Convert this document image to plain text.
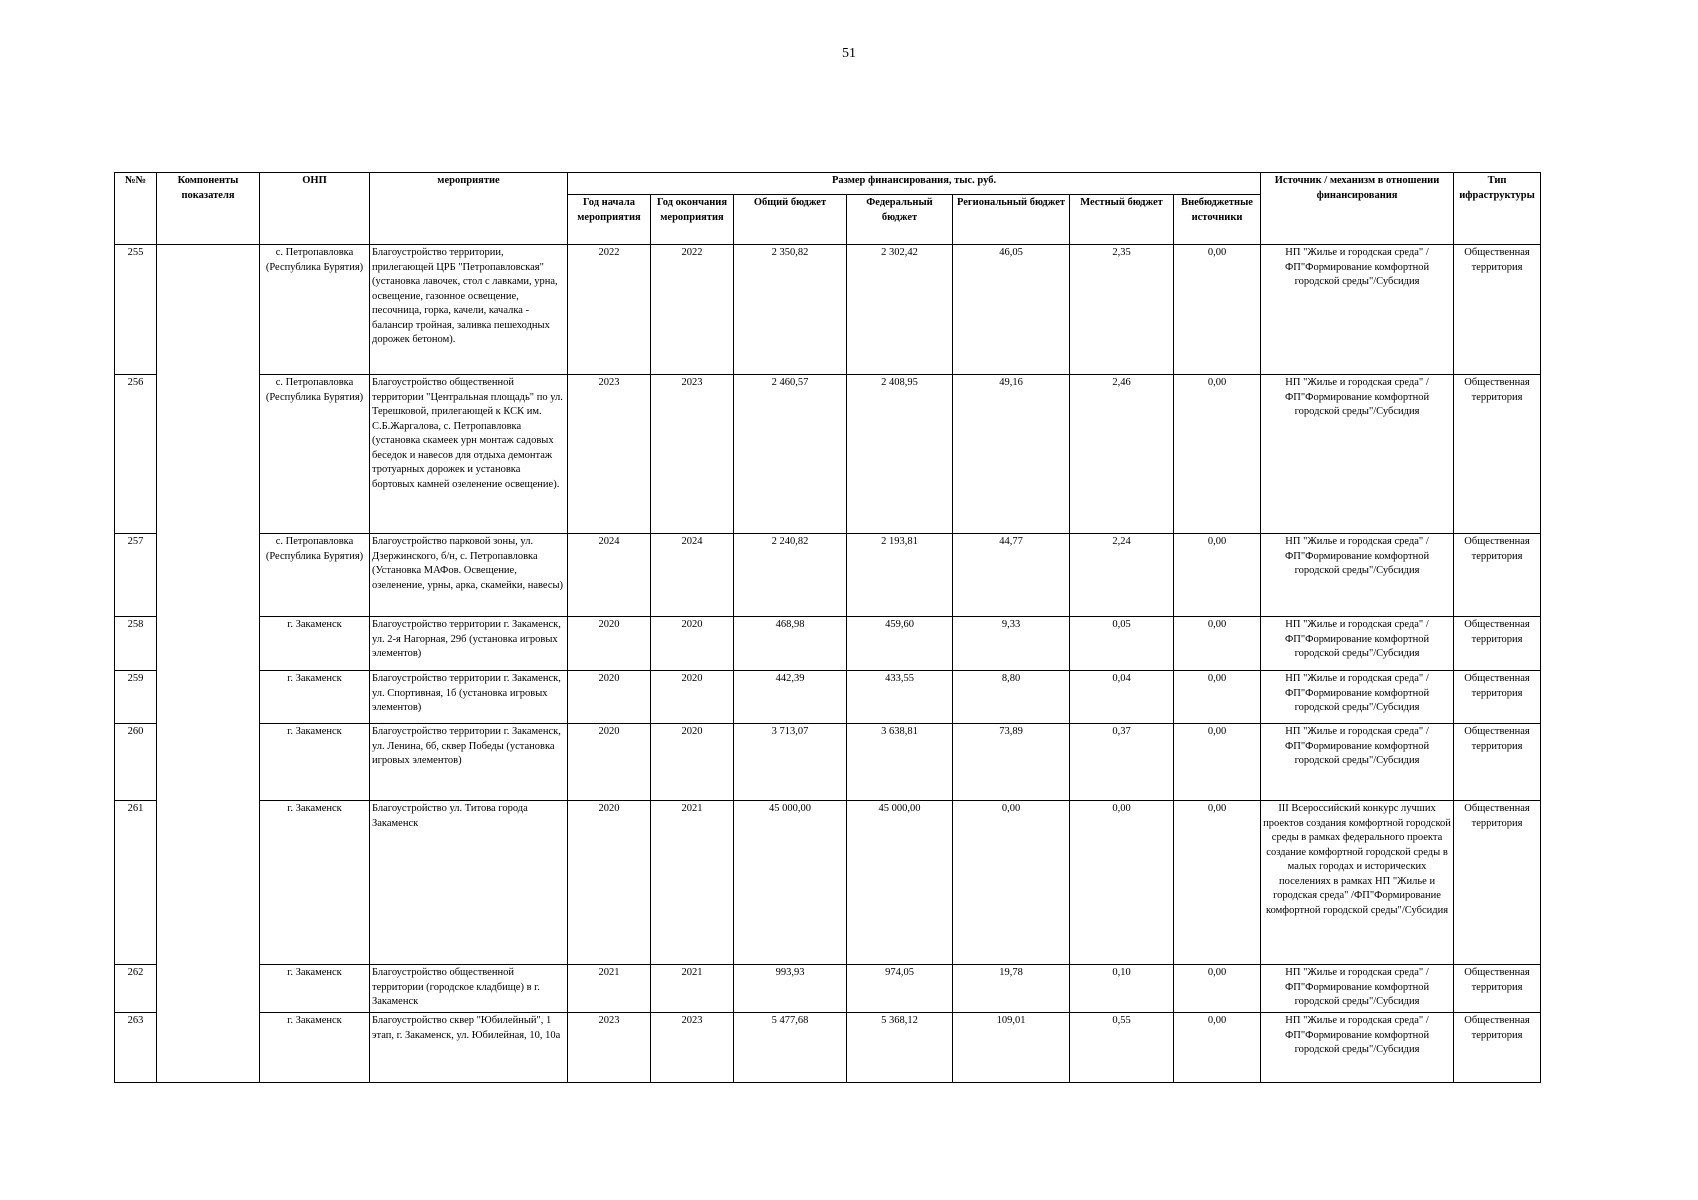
51
№№	Компоненты показателя	ОНП	мероприятие	Размер финансирования, тыс. руб.							Источник / механизм в отношении финансирования	Тип ифраструктуры
				Год начала мероприятия	Год окончания мероприятия	Общий бюджет	Федеральный бюджет	Региональный бюджет	Местный бюджет	Внебюджетные источники		
255		с. Петропавловка (Республика Бурятия)	Благоустройство территории, прилегающей ЦРБ "Петропавловская" (установка лавочек, стол с лавками, урна, освещение, газонное освещение, песочница, горка, качели, качалка - балансир тройная, заливка пешеходных дорожек бетоном).	2022	2022	2 350,82	2 302,42	46,05	2,35	0,00	НП "Жилье и городская среда" /ФП"Формирование комфортной городской среды"/Субсидия	Общественная территория
256		с. Петропавловка (Республика Бурятия)	Благоустройство общественной территории "Центральная площадь" по ул. Терешковой, прилегающей к КСК им. С.Б.Жаргалова, с. Петропавловка (установка скамеек урн монтаж садовых беседок и навесов для отдыха демонтаж тротуарных дорожек и установка бортовых камней озеленение освещение).	2023	2023	2 460,57	2 408,95	49,16	2,46	0,00	НП "Жилье и городская среда" /ФП"Формирование комфортной городской среды"/Субсидия	Общественная территория
257		с. Петропавловка (Республика Бурятия)	Благоустройство парковой зоны, ул. Дзержинского, б/н, с. Петропавловка (Установка МАФов. Освещение, озеленение, урны, арка, скамейки, навесы)	2024	2024	2 240,82	2 193,81	44,77	2,24	0,00	НП "Жилье и городская среда" /ФП"Формирование комфортной городской среды"/Субсидия	Общественная территория
258		г. Закаменск	Благоустройство территории г. Закаменск, ул. 2-я Нагорная, 29б (установка игровых элементов)	2020	2020	468,98	459,60	9,33	0,05	0,00	НП "Жилье и городская среда" /ФП"Формирование комфортной городской среды"/Субсидия	Общественная территория
259		г. Закаменск	Благоустройство территории г. Закаменск, ул. Спортивная, 1б (установка игровых элементов)	2020	2020	442,39	433,55	8,80	0,04	0,00	НП "Жилье и городская среда" /ФП"Формирование комфортной городской среды"/Субсидия	Общественная территория
260		г. Закаменск	Благоустройство территории г. Закаменск, ул. Ленина, 6б, сквер Победы (установка игровых элементов)	2020	2020	3 713,07	3 638,81	73,89	0,37	0,00	НП "Жилье и городская среда" /ФП"Формирование комфортной городской среды"/Субсидия	Общественная территория
261		г. Закаменск	Благоустройство ул. Титова города Закаменск	2020	2021	45 000,00	45 000,00	0,00	0,00	0,00	III Всероссийский конкурс лучших проектов создания комфортной городской среды в рамках федерального проекта создание комфортной городской среды в малых городах и исторических поселениях в рамках НП "Жилье и городская среда" /ФП"Формирование комфортной городской среды"/Субсидия	Общественная территория
262		г. Закаменск	Благоустройство общественной территории (городское кладбище) в г. Закаменск	2021	2021	993,93	974,05	19,78	0,10	0,00	НП "Жилье и городская среда" /ФП"Формирование комфортной городской среды"/Субсидия	Общественная территория
263		г. Закаменск	Благоустройство сквер "Юбилейный", 1 этап, г. Закаменск, ул. Юбилейная, 10, 10а	2023	2023	5 477,68	5 368,12	109,01	0,55	0,00	НП "Жилье и городская среда" /ФП"Формирование комфортной городской среды"/Субсидия	Общественная территория
